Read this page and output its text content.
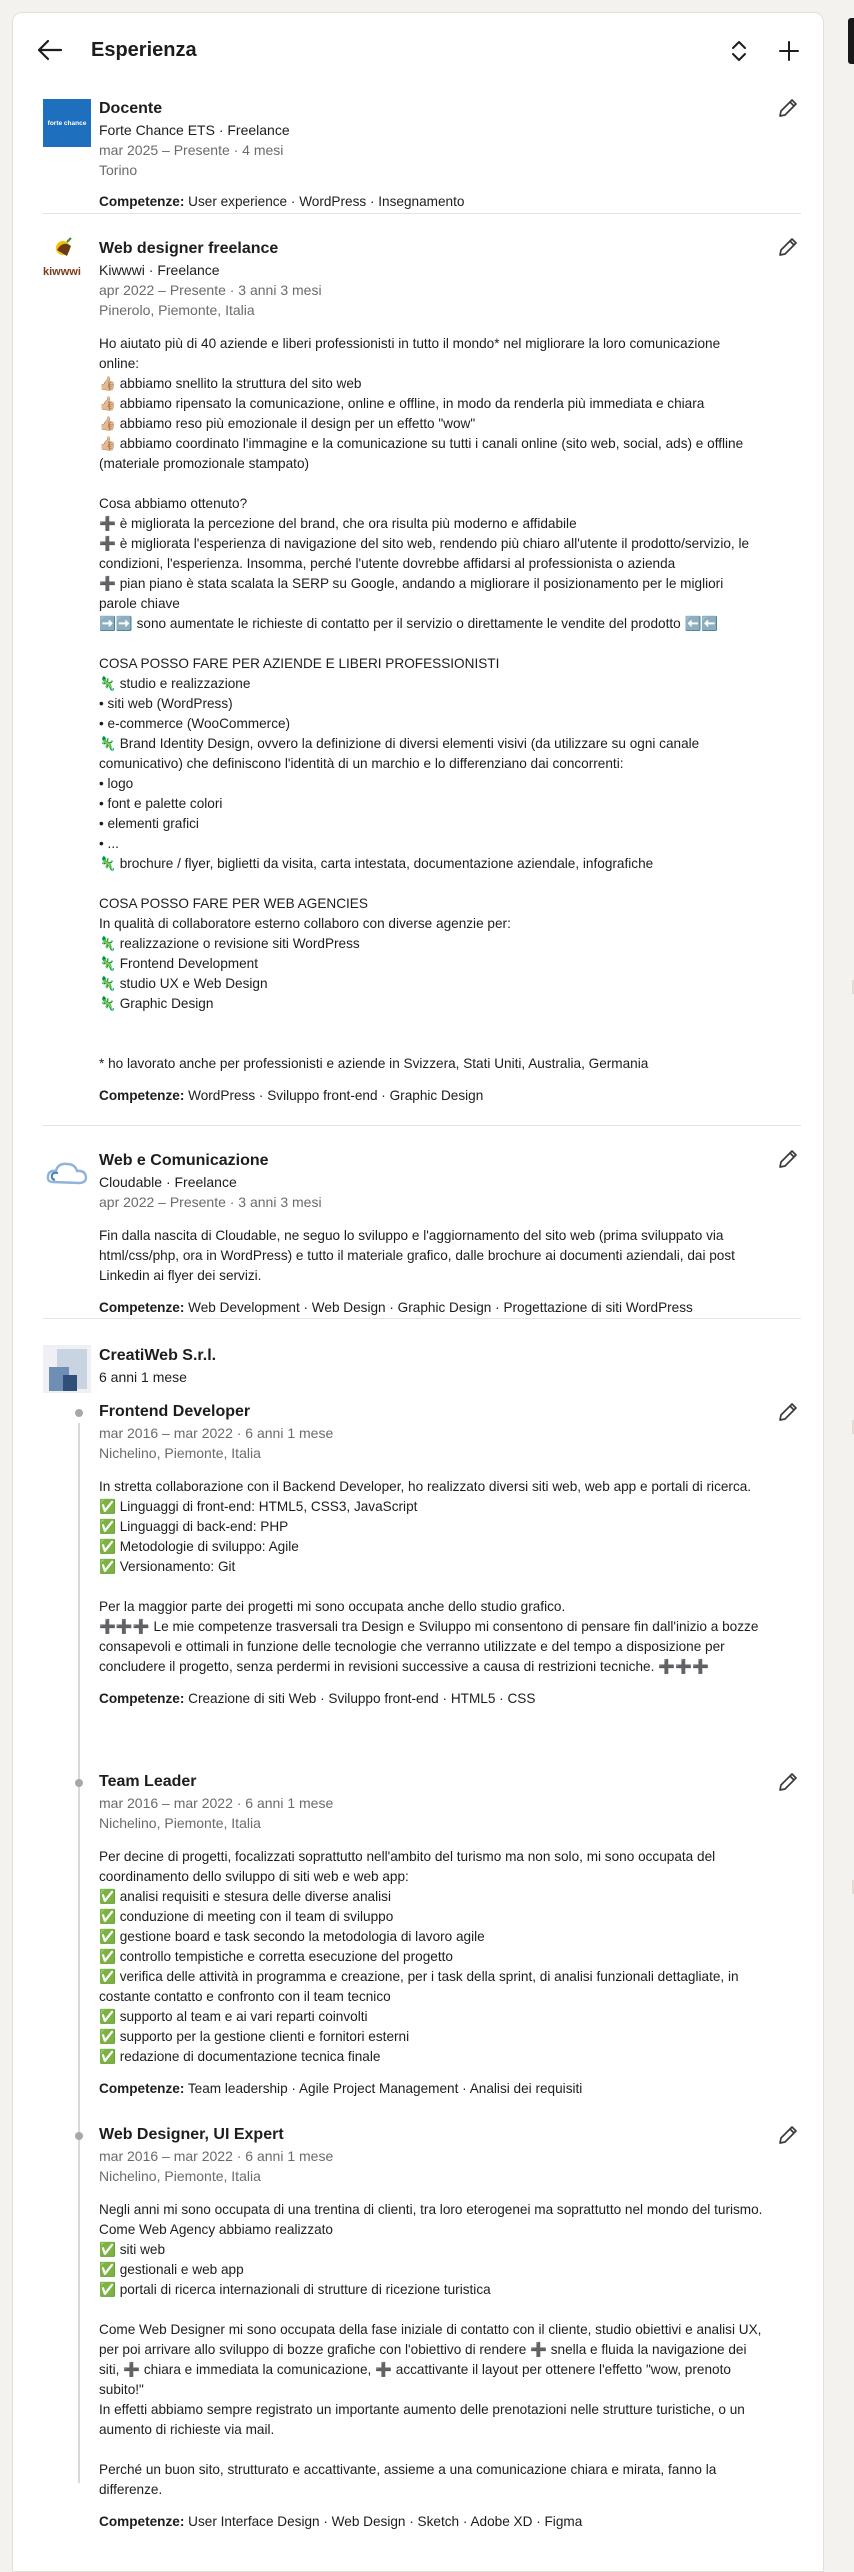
Esperienza
forte chance
Docente
Forte Chance ETS · Freelance
mar 2025 – Presente · 4 mesi
Torino
Competenze: User experience · WordPress · Insegnamento
kiwwwi
Web designer freelance
Kiwwwi · Freelance
apr 2022 – Presente · 3 anni 3 mesi
Pinerolo, Piemonte, Italia
Ho aiutato più di 40 aziende e liberi professionisti in tutto il mondo* nel migliorare la loro comunicazione online:
👍🏼 abbiamo snellito la struttura del sito web
👍🏼 abbiamo ripensato la comunicazione, online e offline, in modo da renderla più immediata e chiara
👍🏼 abbiamo reso più emozionale il design per un effetto "wow"
👍🏼 abbiamo coordinato l'immagine e la comunicazione su tutti i canali online (sito web, social, ads) e offline (materiale promozionale stampato)

Cosa abbiamo ottenuto?
➕ è migliorata la percezione del brand, che ora risulta più moderno e affidabile
➕ è migliorata l'esperienza di navigazione del sito web, rendendo più chiaro all'utente il prodotto/servizio, le condizioni, l'esperienza. Insomma, perché l'utente dovrebbe affidarsi al professionista o azienda
➕ pian piano è stata scalata la SERP su Google, andando a migliorare il posizionamento per le migliori parole chiave
➡️➡️ sono aumentate le richieste di contatto per il servizio o direttamente le vendite del prodotto ⬅️⬅️

COSA POSSO FARE PER AZIENDE E LIBERI PROFESSIONISTI
🦎 studio e realizzazione
• siti web (WordPress)
• e-commerce (WooCommerce)
🦎 Brand Identity Design, ovvero la definizione di diversi elementi visivi (da utilizzare su ogni canale comunicativo) che definiscono l'identità di un marchio e lo differenziano dai concorrenti:
• logo
• font e palette colori
• elementi grafici
• ...
🦎 brochure / flyer, biglietti da visita, carta intestata, documentazione aziendale, infografiche

COSA POSSO FARE PER WEB AGENCIES
In qualità di collaboratore esterno collaboro con diverse agenzie per:
🦎 realizzazione o revisione siti WordPress
🦎 Frontend Development
🦎 studio UX e Web Design
🦎 Graphic Design

* ho lavorato anche per professionisti e aziende in Svizzera, Stati Uniti, Australia, Germania
Competenze: WordPress · Sviluppo front-end · Graphic Design
Web e Comunicazione
Cloudable · Freelance
apr 2022 – Presente · 3 anni 3 mesi
Fin dalla nascita di Cloudable, ne seguo lo sviluppo e l'aggiornamento del sito web (prima sviluppato via html/css/php, ora in WordPress) e tutto il materiale grafico, dalle brochure ai documenti aziendali, dai post Linkedin ai flyer dei servizi.
Competenze: Web Development · Web Design · Graphic Design · Progettazione di siti WordPress
CreatiWeb S.r.l.
6 anni 1 mese
Frontend Developer
mar 2016 – mar 2022 · 6 anni 1 mese
Nichelino, Piemonte, Italia
In stretta collaborazione con il Backend Developer, ho realizzato diversi siti web, web app e portali di ricerca.
✅ Linguaggi di front-end: HTML5, CSS3, JavaScript
✅ Linguaggi di back-end: PHP
✅ Metodologie di sviluppo: Agile
✅ Versionamento: Git

Per la maggior parte dei progetti mi sono occupata anche dello studio grafico.
➕➕➕ Le mie competenze trasversali tra Design e Sviluppo mi consentono di pensare fin dall'inizio a bozze consapevoli e ottimali in funzione delle tecnologie che verranno utilizzate e del tempo a disposizione per concludere il progetto, senza perdermi in revisioni successive a causa di restrizioni tecniche. ➕➕➕
Competenze: Creazione di siti Web · Sviluppo front-end · HTML5 · CSS
Team Leader
mar 2016 – mar 2022 · 6 anni 1 mese
Nichelino, Piemonte, Italia
Per decine di progetti, focalizzati soprattutto nell'ambito del turismo ma non solo, mi sono occupata del coordinamento dello sviluppo di siti web e web app:
✅ analisi requisiti e stesura delle diverse analisi
✅ conduzione di meeting con il team di sviluppo
✅ gestione board e task secondo la metodologia di lavoro agile
✅ controllo tempistiche e corretta esecuzione del progetto
✅ verifica delle attività in programma e creazione, per i task della sprint, di analisi funzionali dettagliate, in costante contatto e confronto con il team tecnico
✅ supporto al team e ai vari reparti coinvolti
✅ supporto per la gestione clienti e fornitori esterni
✅ redazione di documentazione tecnica finale
Competenze: Team leadership · Agile Project Management · Analisi dei requisiti
Web Designer, UI Expert
mar 2016 – mar 2022 · 6 anni 1 mese
Nichelino, Piemonte, Italia
Negli anni mi sono occupata di una trentina di clienti, tra loro eterogenei ma soprattutto nel mondo del turismo.
Come Web Agency abbiamo realizzato
✅ siti web
✅ gestionali e web app
✅ portali di ricerca internazionali di strutture di ricezione turistica

Come Web Designer mi sono occupata della fase iniziale di contatto con il cliente, studio obiettivi e analisi UX, per poi arrivare allo sviluppo di bozze grafiche con l'obiettivo di rendere ➕ snella e fluida la navigazione dei siti, ➕ chiara e immediata la comunicazione, ➕ accattivante il layout per ottenere l'effetto "wow, prenoto subito!"
In effetti abbiamo sempre registrato un importante aumento delle prenotazioni nelle strutture turistiche, o un aumento di richieste via mail.

Perché un buon sito, strutturato e accattivante, assieme a una comunicazione chiara e mirata, fanno la differenze.
Competenze: User Interface Design · Web Design · Sketch · Adobe XD · Figma
